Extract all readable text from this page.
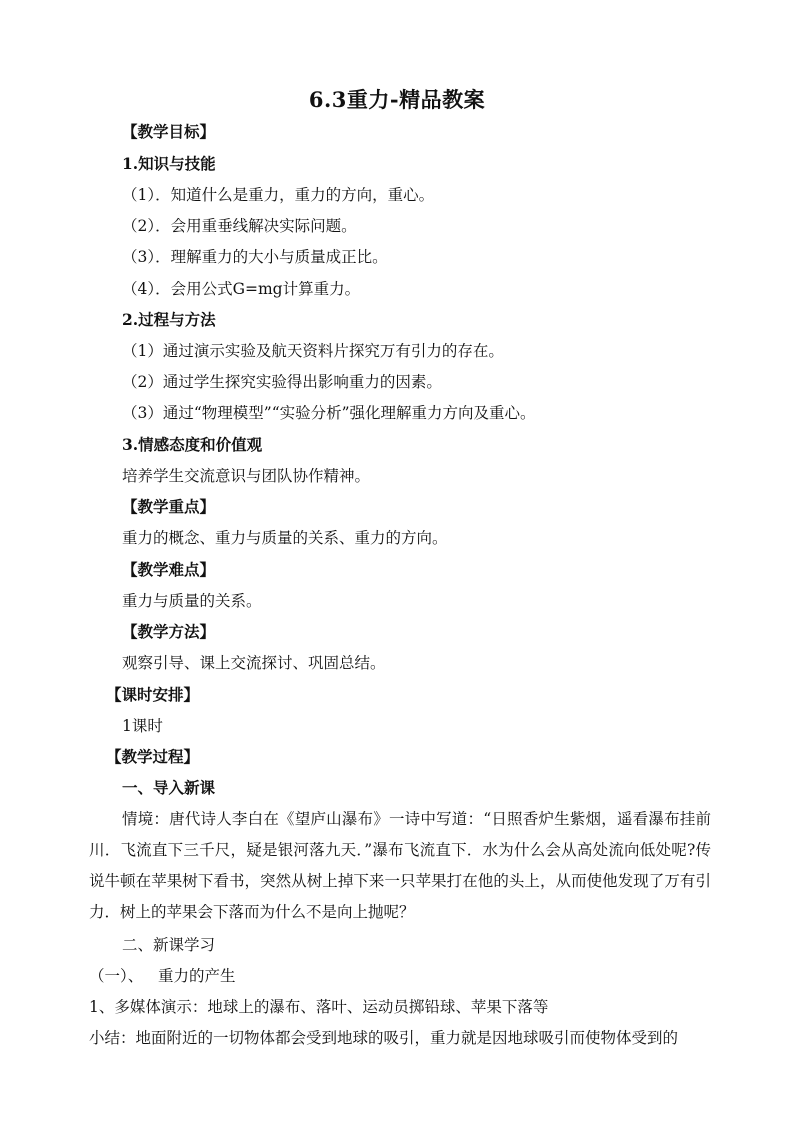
6.3重力-精品教案
【教学目标】
1.知识与技能
（1）．知道什么是重力，重力的方向，重心。
（2）．会用重垂线解决实际问题。
（3）．理解重力的大小与质量成正比。
（4）．会用公式G=mg计算重力。
2.过程与方法
（1）通过演示实验及航天资料片探究万有引力的存在。
（2）通过学生探究实验得出影响重力的因素。
（3）通过“物理模型”“实验分析”强化理解重力方向及重心。
3.情感态度和价值观
培养学生交流意识与团队协作精神。
【教学重点】
重力的概念、重力与质量的关系、重力的方向。
【教学难点】
重力与质量的关系。
【教学方法】
观察引导、课上交流探讨、巩固总结。
【课时安排】
1课时
【教学过程】
一、导入新课

情境：唐代诗人李白在《望庐山瀑布》一诗中写道：“日照香炉生紫烟，遥看瀑布挂前川．飞流直下三千尺，疑是银河落九天．”瀑布飞流直下．水为什么会从高处流向低处呢?传说牛顿在苹果树下看书，突然从树上掉下来一只苹果打在他的头上，从而使他发现了万有引力．树上的苹果会下落而为什么不是向上抛呢？

二、新课学习
（一）、   重力的产生
1、多媒体演示：地球上的瀑布、落叶、运动员掷铅球、苹果下落等
小结：地面附近的一切物体都会受到地球的吸引，重力就是因地球吸引而使物体受到的
